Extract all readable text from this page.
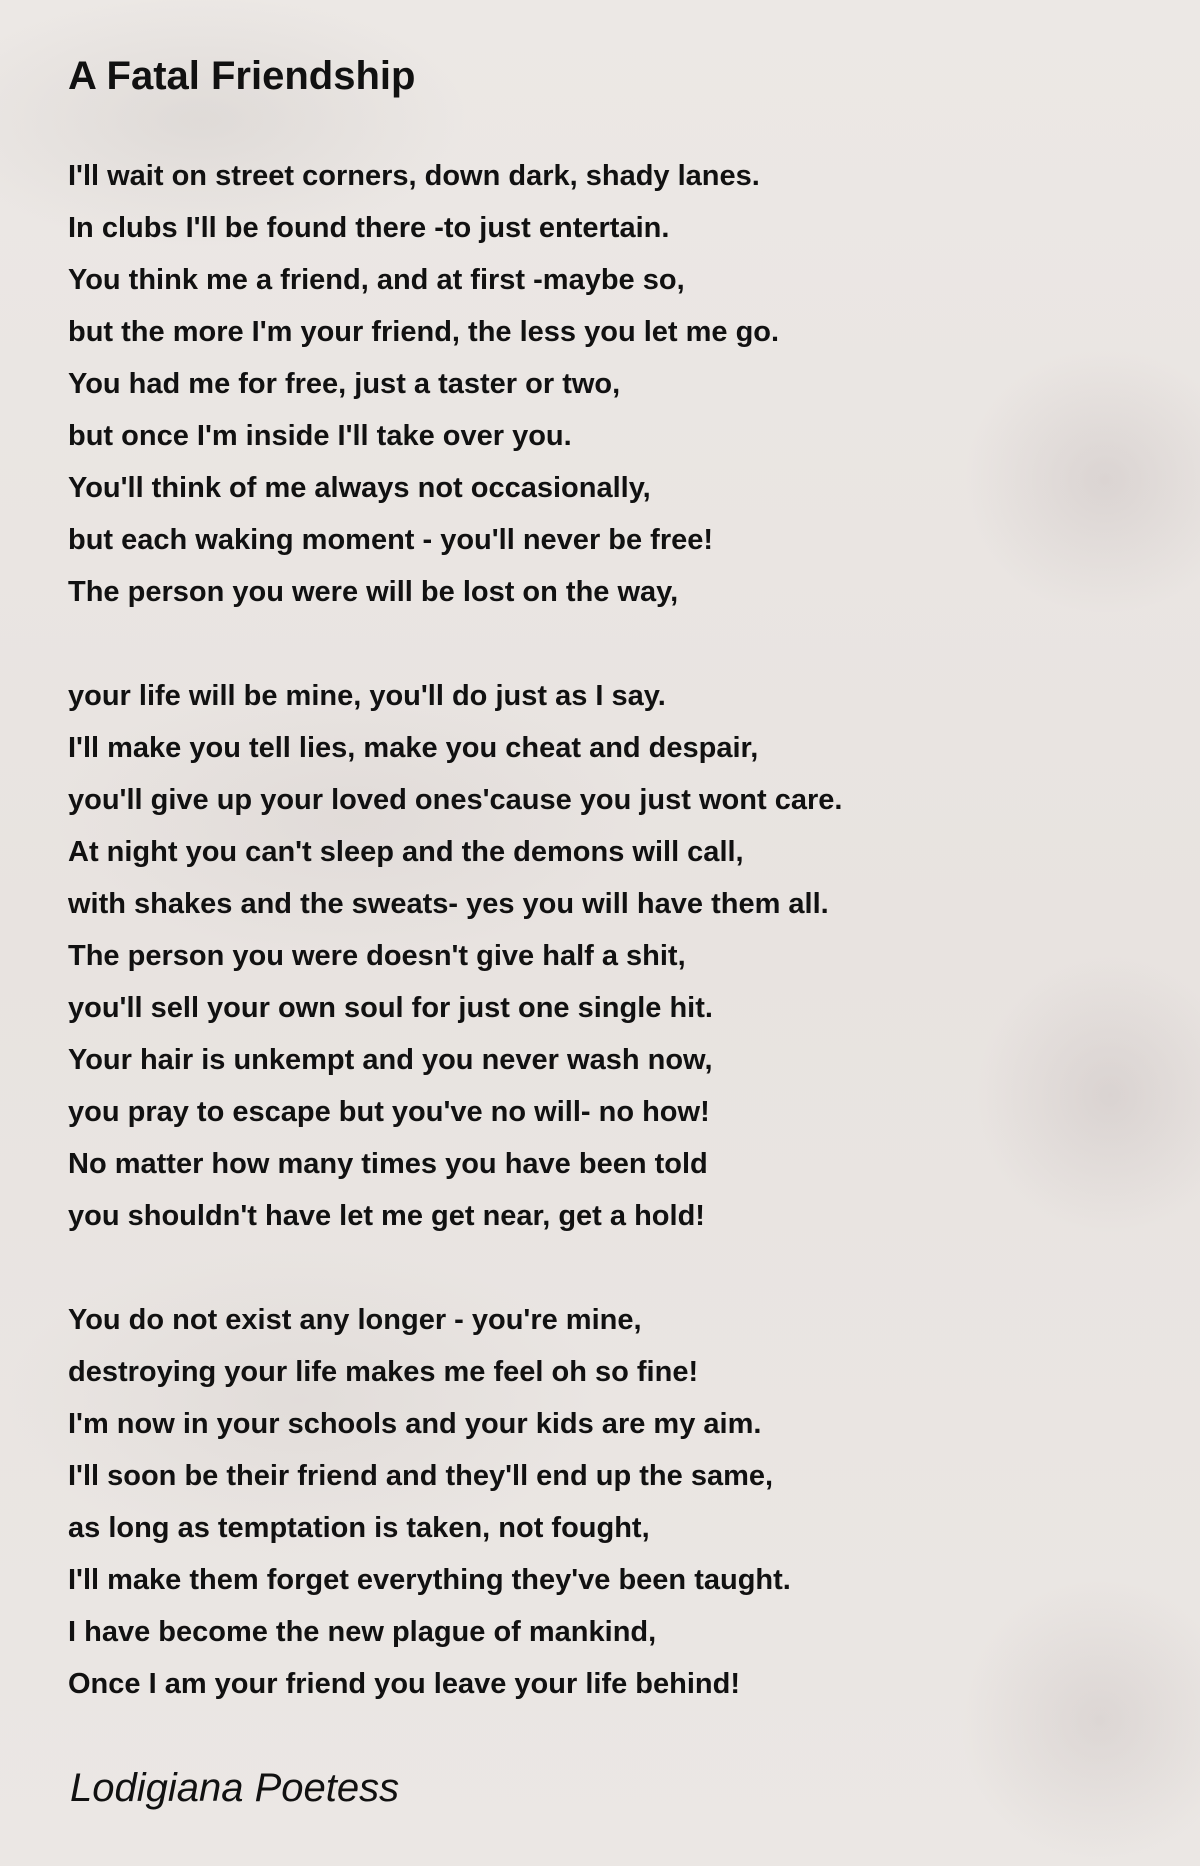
A Fatal Friendship
I'll wait on street corners, down dark, shady lanes.
In clubs I'll be found there -to just entertain.
You think me a friend, and at first -maybe so,
but the more I'm your friend, the less you let me go.
You had me for free, just a taster or two,
but once I'm inside I'll take over you.
You'll think of me always not occasionally,
but each waking moment - you'll never be free!
The person you were will be lost on the way,
your life will be mine, you'll do just as I say.
I'll make you tell lies, make you cheat and despair,
you'll give up your loved ones'cause you just wont care.
At night you can't sleep and the demons will call,
with shakes and the sweats- yes you will have them all.
The person you were doesn't give half a shit,
you'll sell your own soul for just one single hit.
Your hair is unkempt and you never wash now,
you pray to escape but you've no will- no how!
No matter how many times you have been told
you shouldn't have let me get near, get a hold!
You do not exist any longer - you're mine,
destroying your life makes me feel oh so fine!
I'm now in your schools and your kids are my aim.
I'll soon be their friend and they'll end up the same,
as long as temptation is taken, not fought,
I'll make them forget everything they've been taught.
I have become the new plague of mankind,
Once I am your friend you leave your life behind!
Lodigiana Poetess
